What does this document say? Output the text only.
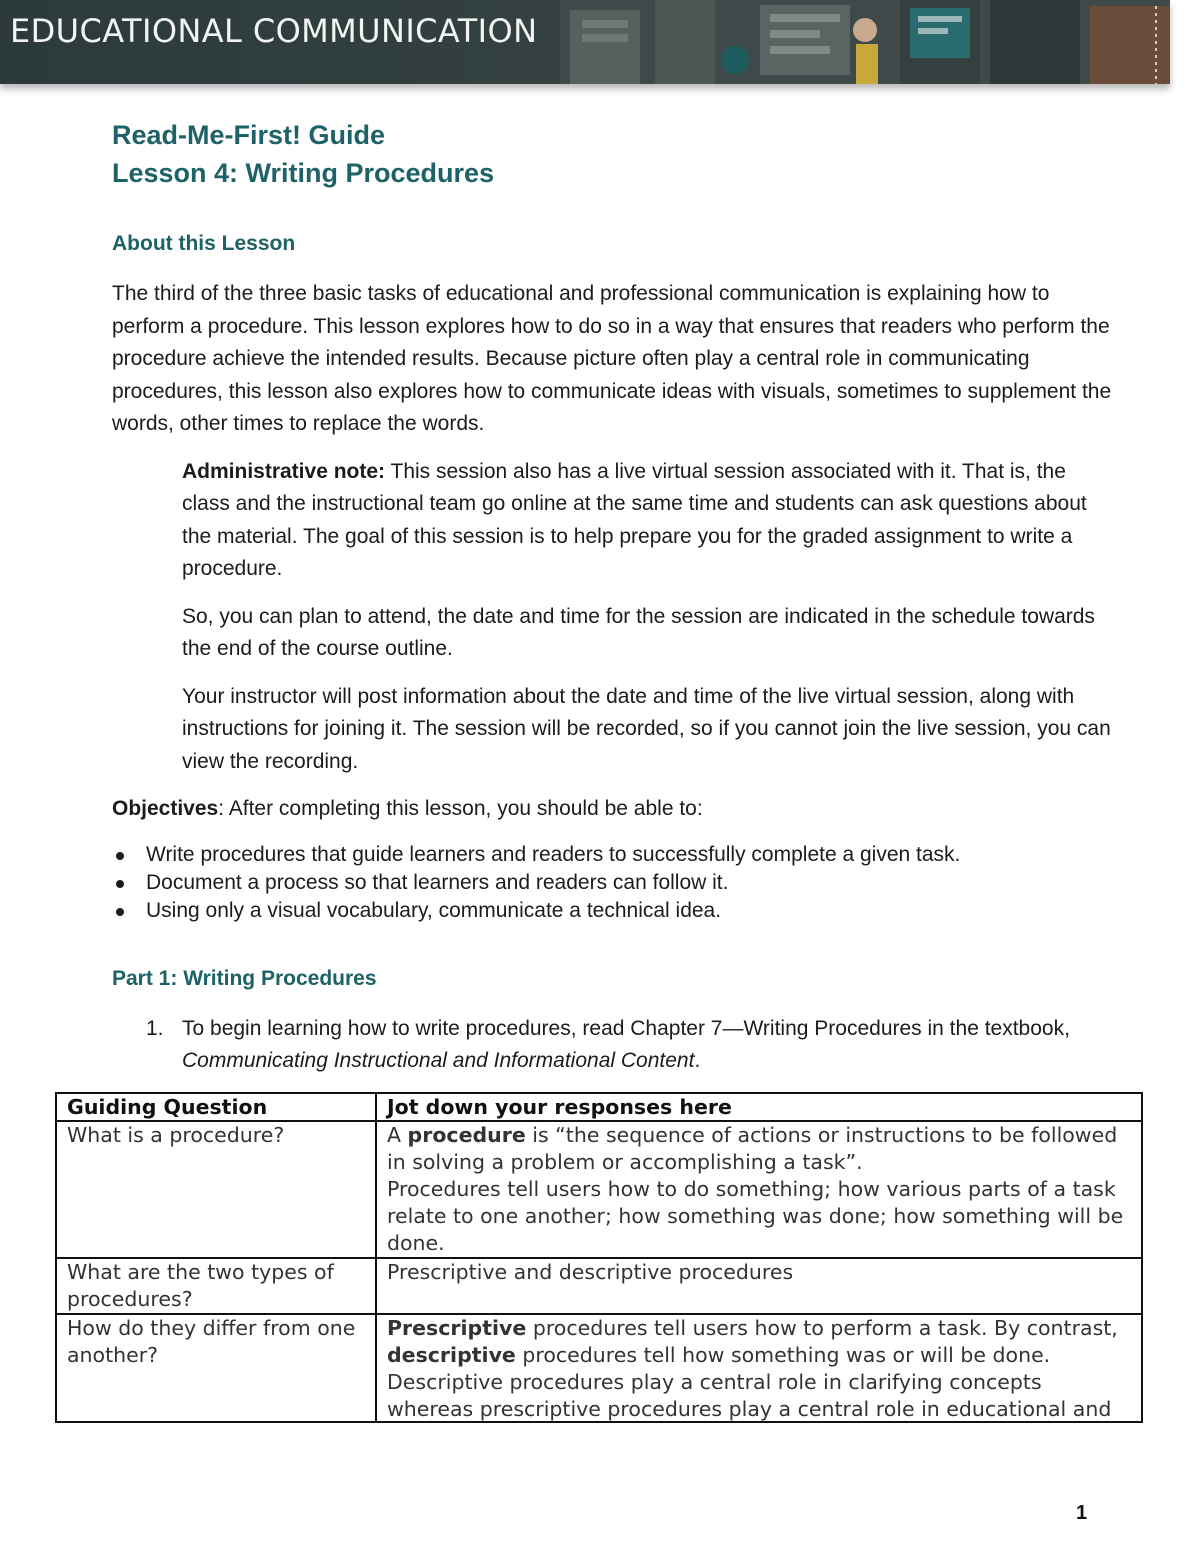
EDUCATIONAL COMMUNICATION
Read-Me-First! Guide
Lesson 4: Writing Procedures
About this Lesson

The third of the three basic tasks of educational and professional communication is explaining how to perform a procedure. This lesson explores how to do so in a way that ensures that readers who perform the procedure achieve the intended results. Because picture often play a central role in communicating procedures, this lesson also explores how to communicate ideas with visuals, sometimes to supplement the words, other times to replace the words.

Administrative note: This session also has a live virtual session associated with it. That is, the class and the instructional team go online at the same time and students can ask questions about the material. The goal of this session is to help prepare you for the graded assignment to write a procedure.

So, you can plan to attend, the date and time for the session are indicated in the schedule towards the end of the course outline.

Your instructor will post information about the date and time of the live virtual session, along with instructions for joining it. The session will be recorded, so if you cannot join the live session, you can view the recording.

Objectives: After completing this lesson, you should be able to:

Write procedures that guide learners and readers to successfully complete a given task.
Document a process so that learners and readers can follow it.
Using only a visual vocabulary, communicate a technical idea.
Part 1: Writing Procedures
1. To begin learning how to write procedures, read Chapter 7—Writing Procedures in the textbook, Communicating Instructional and Informational Content.
Guiding Question	Jot down your responses here
What is a procedure?	A procedure is “the sequence of actions or instructions to be followed in solving a problem or accomplishing a task”.
Procedures tell users how to do something; how various parts of a task relate to one another; how something was done; how something will be done.
What are the two types of procedures?	Prescriptive and descriptive procedures
How do they differ from one another?	Prescriptive procedures tell users how to perform a task. By contrast, descriptive procedures tell how something was or will be done. Descriptive procedures play a central role in clarifying concepts whereas prescriptive procedures play a central role in educational and
1
